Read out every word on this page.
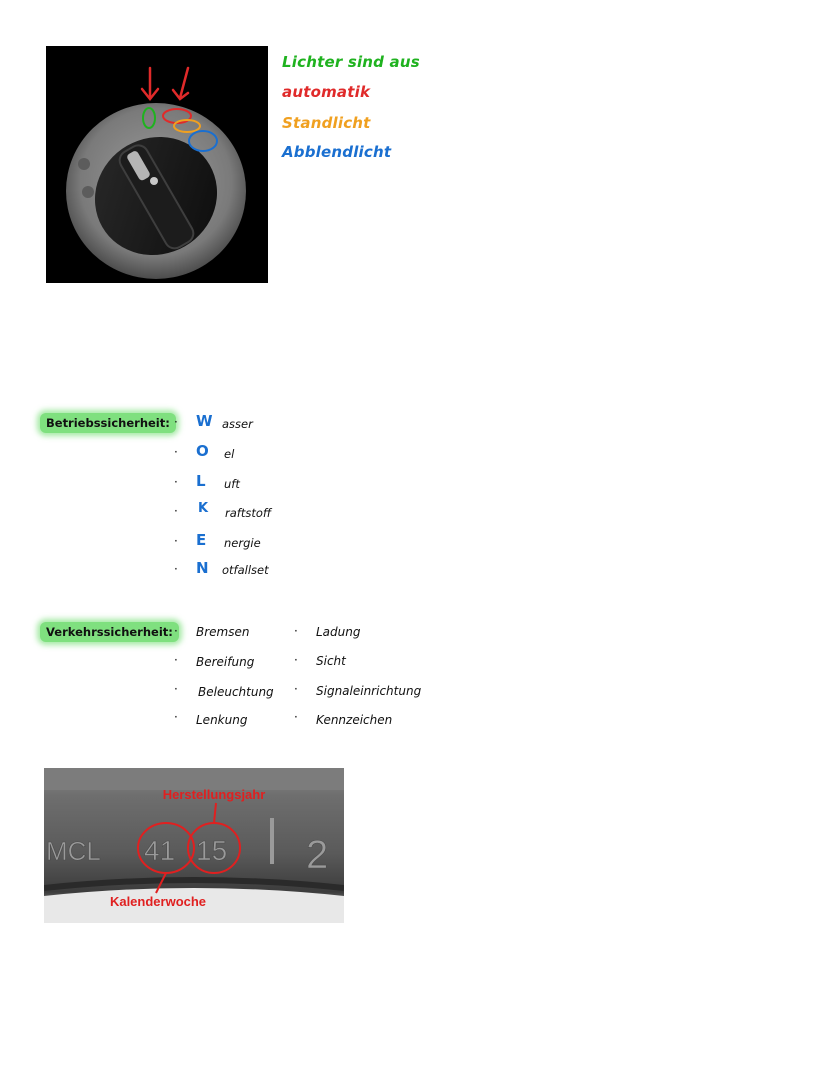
Lichter sind aus
automatik
Standlicht
Abblendlicht
Betriebssicherheit: · W asser
· O el
· L uft
· K raftstoff
· E nergie
· N otfallset
Verkehrssicherheit: · Bremsen
· Bereifung
· Beleuchtung
· Lenkung
· Ladung
· Sicht
· Signaleinrichtung
· Kennzeichen
MCL 41 15 2
Herstellungsjahr
Kalenderwoche
